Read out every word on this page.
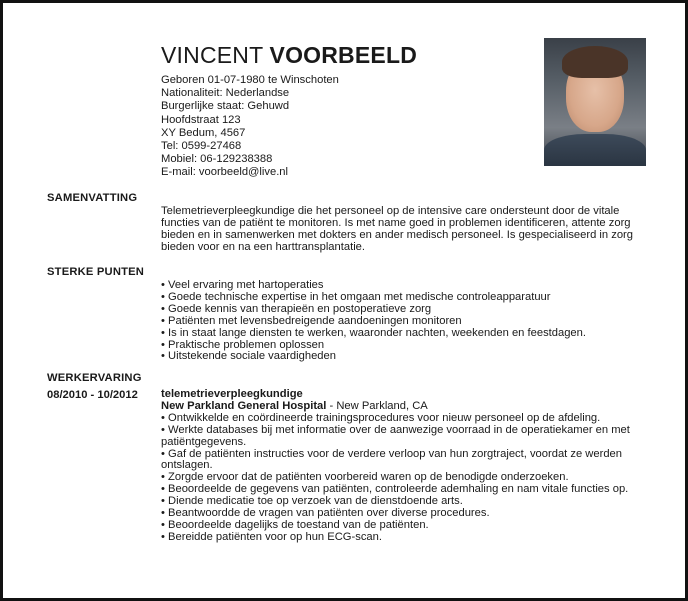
VINCENT VOORBEELD
Geboren 01-07-1980 te Winschoten
Nationaliteit: Nederlandse
Burgerlijke staat: Gehuwd
Hoofdstraat 123
XY Bedum, 4567
Tel: 0599-27468
Mobiel: 06-129238388
E-mail: voorbeeld@live.nl
SAMENVATTING

Telemetrieverpleegkundige die het personeel op de intensive care ondersteunt door de vitale functies van de patiënt te monitoren. Is met name goed in problemen identificeren, attente zorg bieden en in samenwerken met dokters en ander medisch personeel. Is gespecialiseerd in zorg bieden voor en na een harttransplantatie.

STERKE PUNTEN
• Veel ervaring met hartoperaties
• Goede technische expertise in het omgaan met medische controleapparatuur
• Goede kennis van therapieën en postoperatieve zorg
• Patiënten met levensbedreigende aandoeningen monitoren
• Is in staat lange diensten te werken, waaronder nachten, weekenden en feestdagen.
• Praktische problemen oplossen
• Uitstekende sociale vaardigheden
WERKERVARING
08/2010 - 10/2012 telemetrieverpleegkundige

New Parkland General Hospital - New Parkland, CA

• Ontwikkelde en coördineerde trainingsprocedures voor nieuw personeel op de afdeling.
• Werkte databases bij met informatie over de aanwezige voorraad in de operatiekamer en met patiëntgegevens.
• Gaf de patiënten instructies voor de verdere verloop van hun zorgtraject, voordat ze werden ontslagen.
• Zorgde ervoor dat de patiënten voorbereid waren op de benodigde onderzoeken.
• Beoordeelde de gegevens van patiënten, controleerde ademhaling en nam vitale functies op.
• Diende medicatie toe op verzoek van de dienstdoende arts.
• Beantwoordde de vragen van patiënten over diverse procedures.
• Beoordeelde dagelijks de toestand van de patiënten.
• Bereidde patiënten voor op hun ECG-scan.
